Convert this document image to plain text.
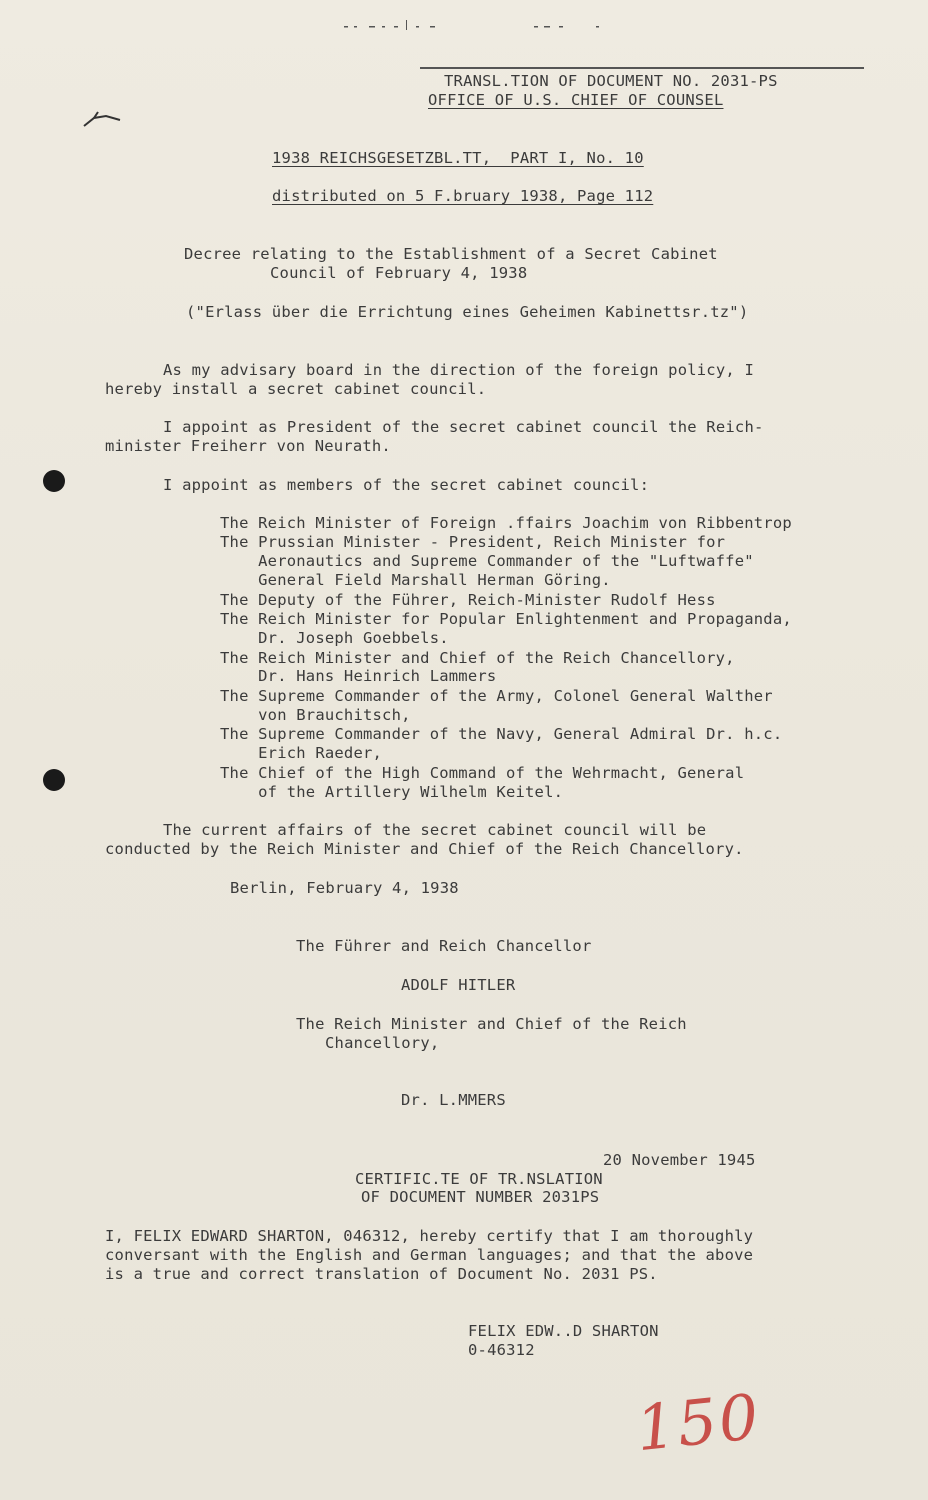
TRANSL.TION OF DOCUMENT NO. 2031-PS
OFFICE OF U.S. CHIEF OF COUNSEL
1938 REICHSGESETZBL.TT,  PART I, No. 10
distributed on 5 F.bruary 1938, Page 112
Decree relating to the Establishment of a Secret Cabinet
Council of February 4, 1938
("Erlass über die Errichtung eines Geheimen Kabinettsr.tz")
As my advisary board in the direction of the foreign policy, I
hereby install a secret cabinet council.
I appoint as President of the secret cabinet council the Reich-
minister Freiherr von Neurath.
I appoint as members of the secret cabinet council:
The Reich Minister of Foreign .ffairs Joachim von Ribbentrop
The Prussian Minister - President, Reich Minister for
Aeronautics and Supreme Commander of the "Luftwaffe"
General Field Marshall Herman Göring.
The Deputy of the Führer, Reich-Minister Rudolf Hess
The Reich Minister for Popular Enlightenment and Propaganda,
Dr. Joseph Goebbels.
The Reich Minister and Chief of the Reich Chancellory,
Dr. Hans Heinrich Lammers
The Supreme Commander of the Army, Colonel General Walther
von Brauchitsch,
The Supreme Commander of the Navy, General Admiral Dr. h.c.
Erich Raeder,
The Chief of the High Command of the Wehrmacht, General
of the Artillery Wilhelm Keitel.
The current affairs of the secret cabinet council will be
conducted by the Reich Minister and Chief of the Reich Chancellory.
Berlin, February 4, 1938
The Führer and Reich Chancellor
ADOLF HITLER
The Reich Minister and Chief of the Reich
Chancellory,
Dr. L.MMERS
20 November 1945
CERTIFIC.TE OF TR.NSLATION
OF DOCUMENT NUMBER 2031PS
I, FELIX EDWARD SHARTON, 046312, hereby certify that I am thoroughly
conversant with the English and German languages; and that the above
is a true and correct translation of Document No. 2031 PS.
FELIX EDW..D SHARTON
0-46312
150
